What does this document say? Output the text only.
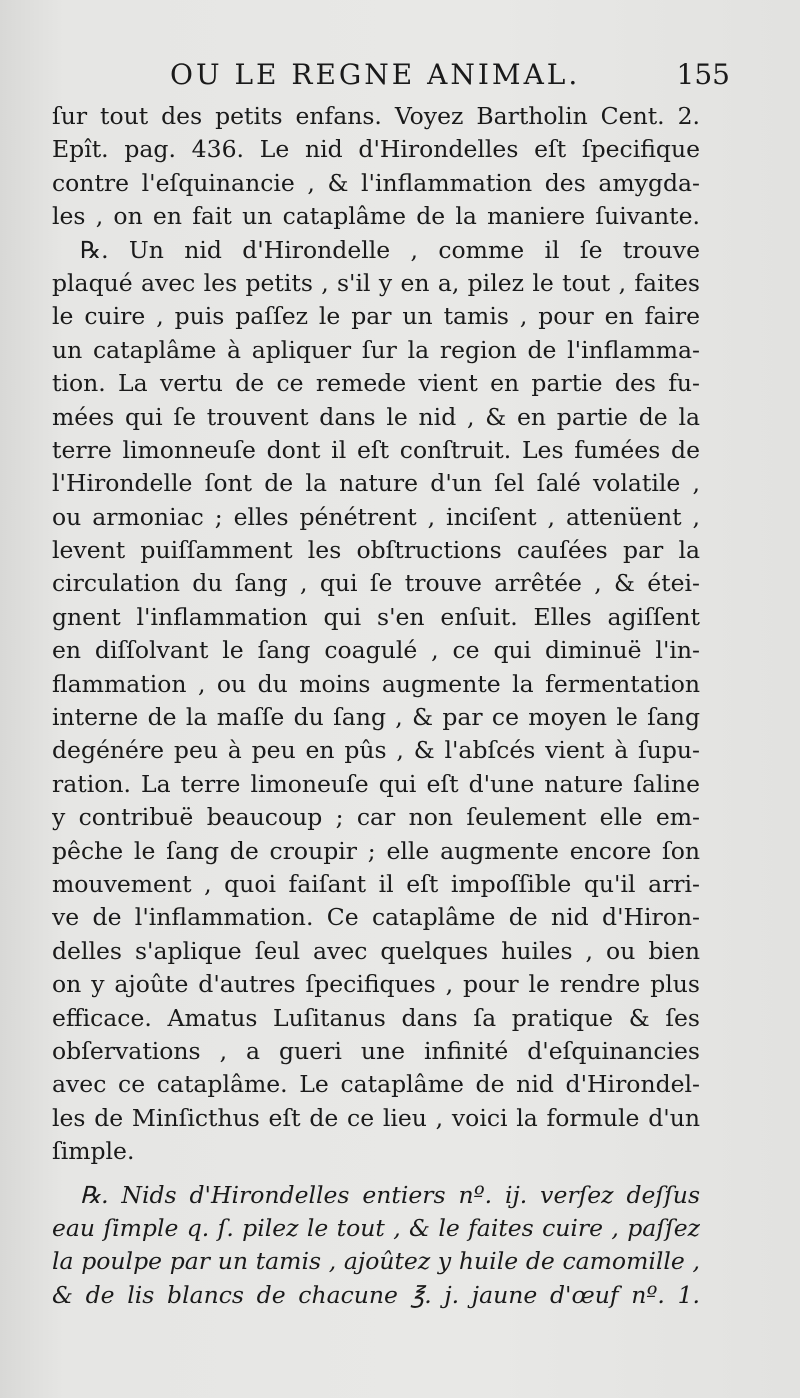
OU LE REGNE ANIMAL.	155
ſur tout des petits enfans. Voyez Bartholin Cent. 2.
Epît. pag. 436. Le nid d'Hirondelles eſt ſpecifique
contre l'eſquinancie , & l'inflammation des amygda-
les , on en fait un cataplâme de la maniere ſuivante.
℞. Un nid d'Hirondelle , comme il ſe trouve
plaqué avec les petits , s'il y en a, pilez le tout , faites
le cuire , puis paſſez le par un tamis , pour en faire
un cataplâme à apliquer ſur la region de l'inflamma-
tion. La vertu de ce remede vient en partie des fu-
mées qui ſe trouvent dans le nid , & en partie de la
terre limonneuſe dont il eſt conſtruit. Les fumées de
l'Hirondelle ſont de la nature d'un ſel ſalé volatile ,
ou armoniac ; elles pénétrent , inciſent , attenüent ,
levent puiſſamment les obſtructions cauſées par la
circulation du ſang , qui ſe trouve arrêtée , & étei-
gnent l'inflammation qui s'en enſuit. Elles agiſſent
en diſſolvant le ſang coagulé , ce qui diminuë l'in-
flammation , ou du moins augmente la fermentation
interne de la maſſe du ſang , & par ce moyen le ſang
degénére peu à peu en pûs , & l'abſcés vient à ſupu-
ration. La terre limoneuſe qui eſt d'une nature ſaline
y contribuë beaucoup ; car non ſeulement elle em-
pêche le ſang de croupir ; elle augmente encore ſon
mouvement , quoi faiſant il eſt impoſſible qu'il arri-
ve de l'inflammation. Ce cataplâme de nid d'Hiron-
delles s'aplique ſeul avec quelques huiles , ou bien
on y ajoûte d'autres ſpecifiques , pour le rendre plus
efficace. Amatus Luſitanus dans ſa pratique & ſes
obſervations , a gueri une infinité d'eſquinancies
avec ce cataplâme. Le cataplâme de nid d'Hirondel-
les de Minſicthus eſt de ce lieu , voici la formule d'un
ſimple.
℞. Nids d'Hirondelles entiers nº. ij. verſez deſſus
eau ſimple q. ſ. pilez le tout , & le faites cuire , paſſez
la poulpe par un tamis , ajoûtez y huile de camomille ,
& de lis blancs de chacune ℥. j. jaune d'œuf nº. 1.
